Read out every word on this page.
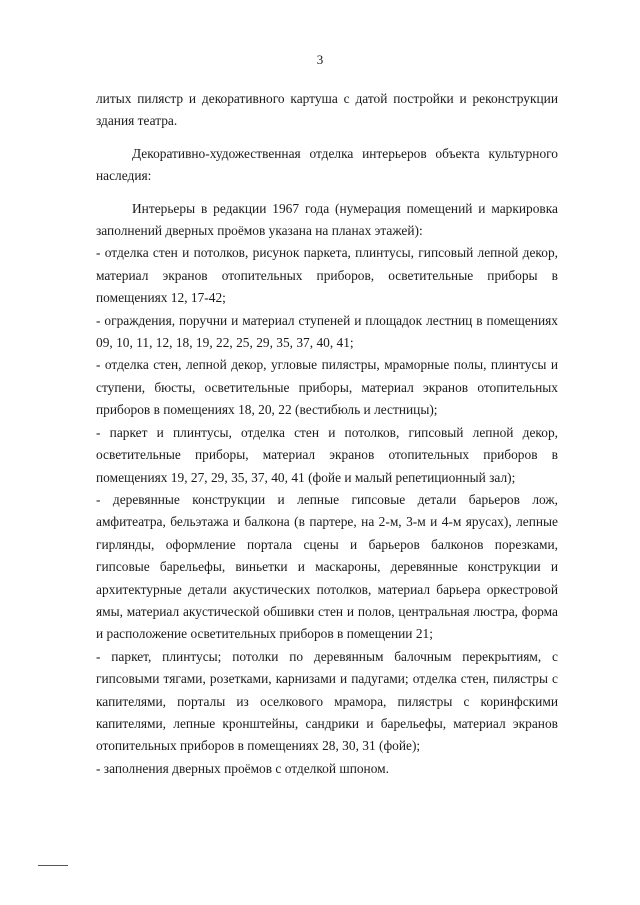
3

литых пилястр и декоративного картуша с датой постройки и реконструкции здания театра.

Декоративно-художественная отделка интерьеров объекта культурного наследия:

Интерьеры в редакции 1967 года (нумерация помещений и маркировка заполнений дверных проёмов указана на планах этажей):

- отделка стен и потолков, рисунок паркета, плинтусы, гипсовый лепной декор, материал экранов отопительных приборов, осветительные приборы в помещениях 12, 17-42;

- ограждения, поручни и материал ступеней и площадок лестниц в помещениях 09, 10, 11, 12, 18, 19, 22, 25, 29, 35, 37, 40, 41;

- отделка стен, лепной декор, угловые пилястры, мраморные полы, плинтусы и ступени, бюсты, осветительные приборы, материал экранов отопительных приборов в помещениях 18, 20, 22 (вестибюль и лестницы);

- паркет и плинтусы, отделка стен и потолков, гипсовый лепной декор, осветительные приборы, материал экранов отопительных приборов в помещениях 19, 27, 29, 35, 37, 40, 41 (фойе и малый репетиционный зал);

- деревянные конструкции и лепные гипсовые детали барьеров лож, амфитеатра, бельэтажа и балкона (в партере, на 2-м, 3-м и 4-м ярусах), лепные гирлянды, оформление портала сцены и барьеров балконов порезками, гипсовые барельефы, виньетки и маскароны, деревянные конструкции и архитектурные детали акустических потолков, материал барьера оркестровой ямы, материал акустической обшивки стен и полов, центральная люстра, форма и расположение осветительных приборов в помещении 21;

- паркет, плинтусы; потолки по деревянным балочным перекрытиям, с гипсовыми тягами, розетками, карнизами и падугами; отделка стен, пилястры с капителями, порталы из оселкового мрамора, пилястры с коринфскими капителями, лепные кронштейны, сандрики и барельефы, материал экранов отопительных приборов в помещениях 28, 30, 31 (фойе);

- заполнения дверных проёмов с отделкой шпоном.
